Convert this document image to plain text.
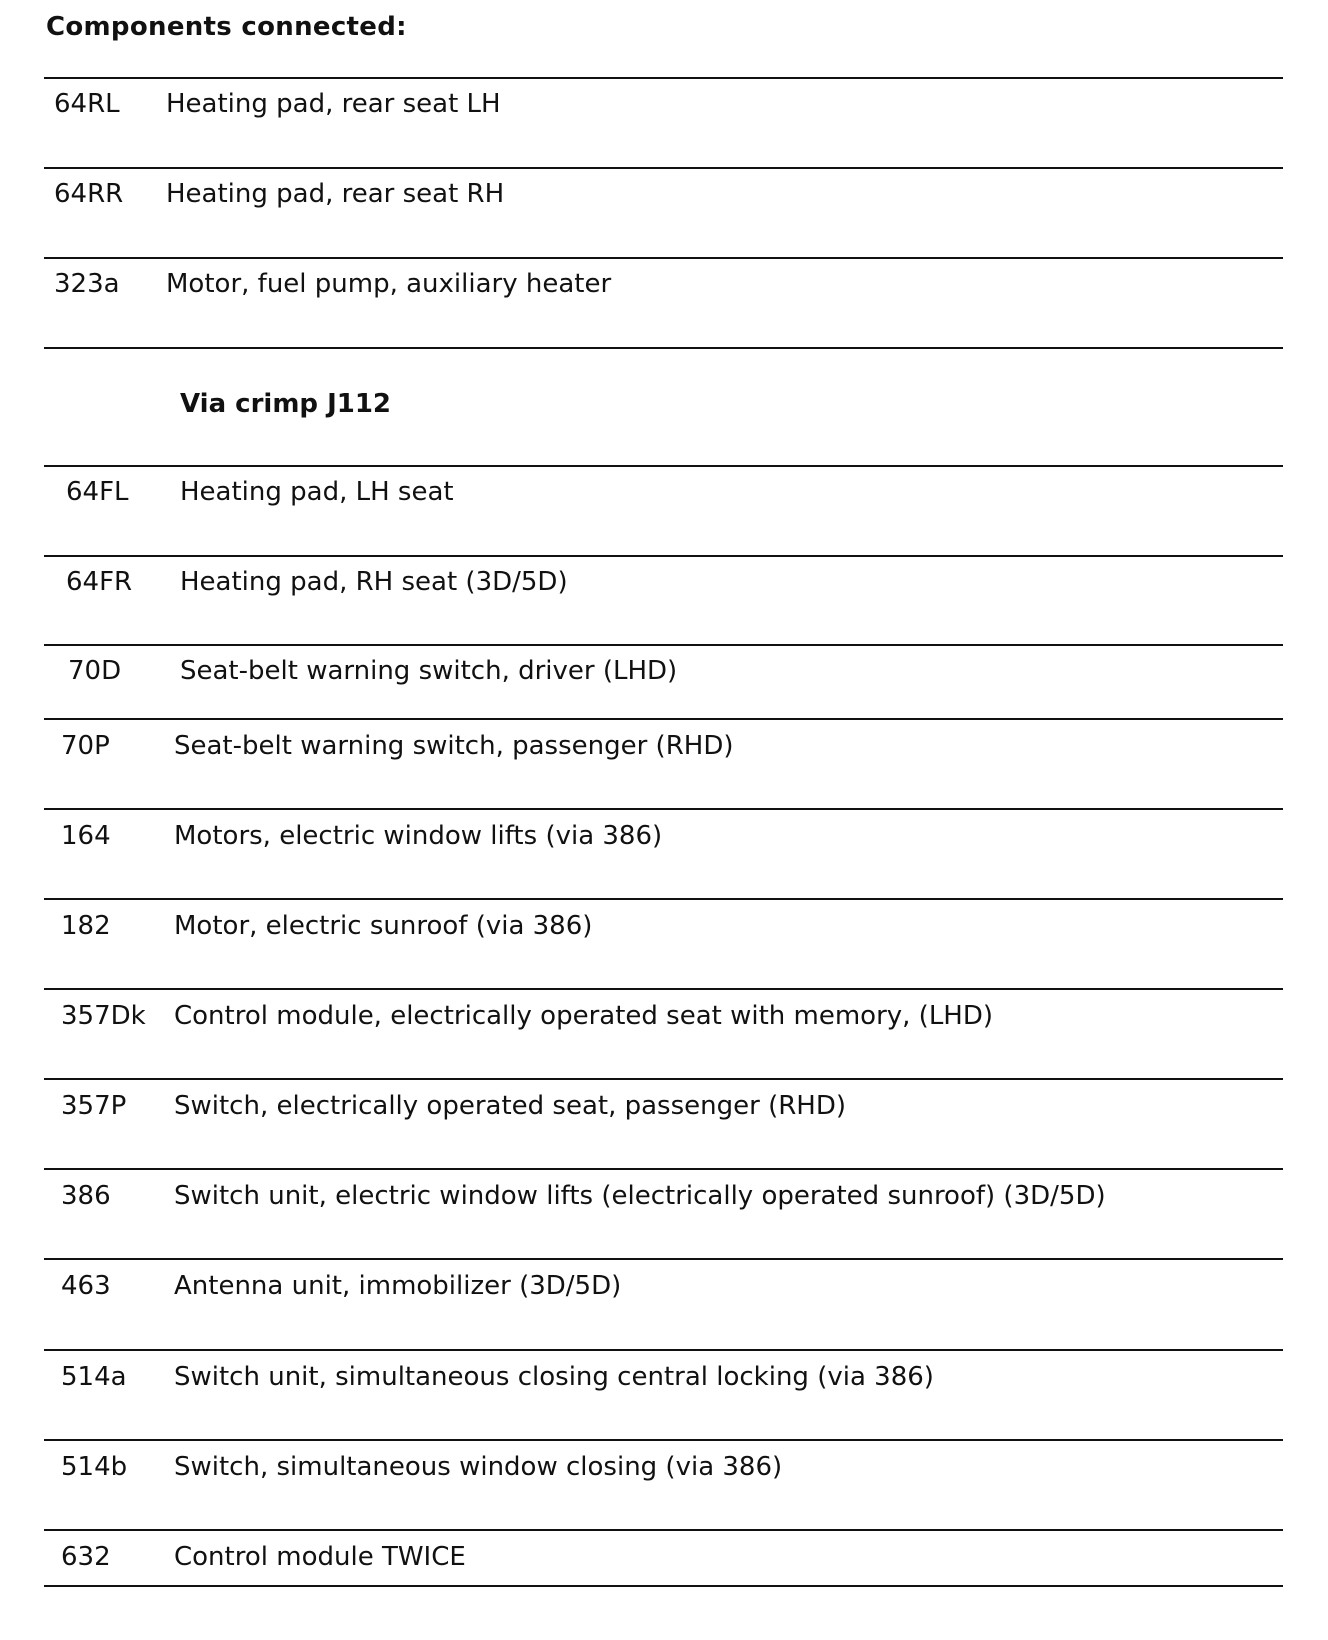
Components connected:
64RL Heating pad, rear seat LH
64RR Heating pad, rear seat RH
323a Motor, fuel pump, auxiliary heater
Via crimp J112
64FL Heating pad, LH seat
64FR Heating pad, RH seat (3D/5D)
70D Seat-belt warning switch, driver (LHD)
70P Seat-belt warning switch, passenger (RHD)
164 Motors, electric window lifts (via 386)
182 Motor, electric sunroof (via 386)
357Dk Control module, electrically operated seat with memory, (LHD)
357P Switch, electrically operated seat, passenger (RHD)
386 Switch unit, electric window lifts (electrically operated sunroof) (3D/5D)
463 Antenna unit, immobilizer (3D/5D)
514a Switch unit, simultaneous closing central locking (via 386)
514b Switch, simultaneous window closing (via 386)
632 Control module TWICE
